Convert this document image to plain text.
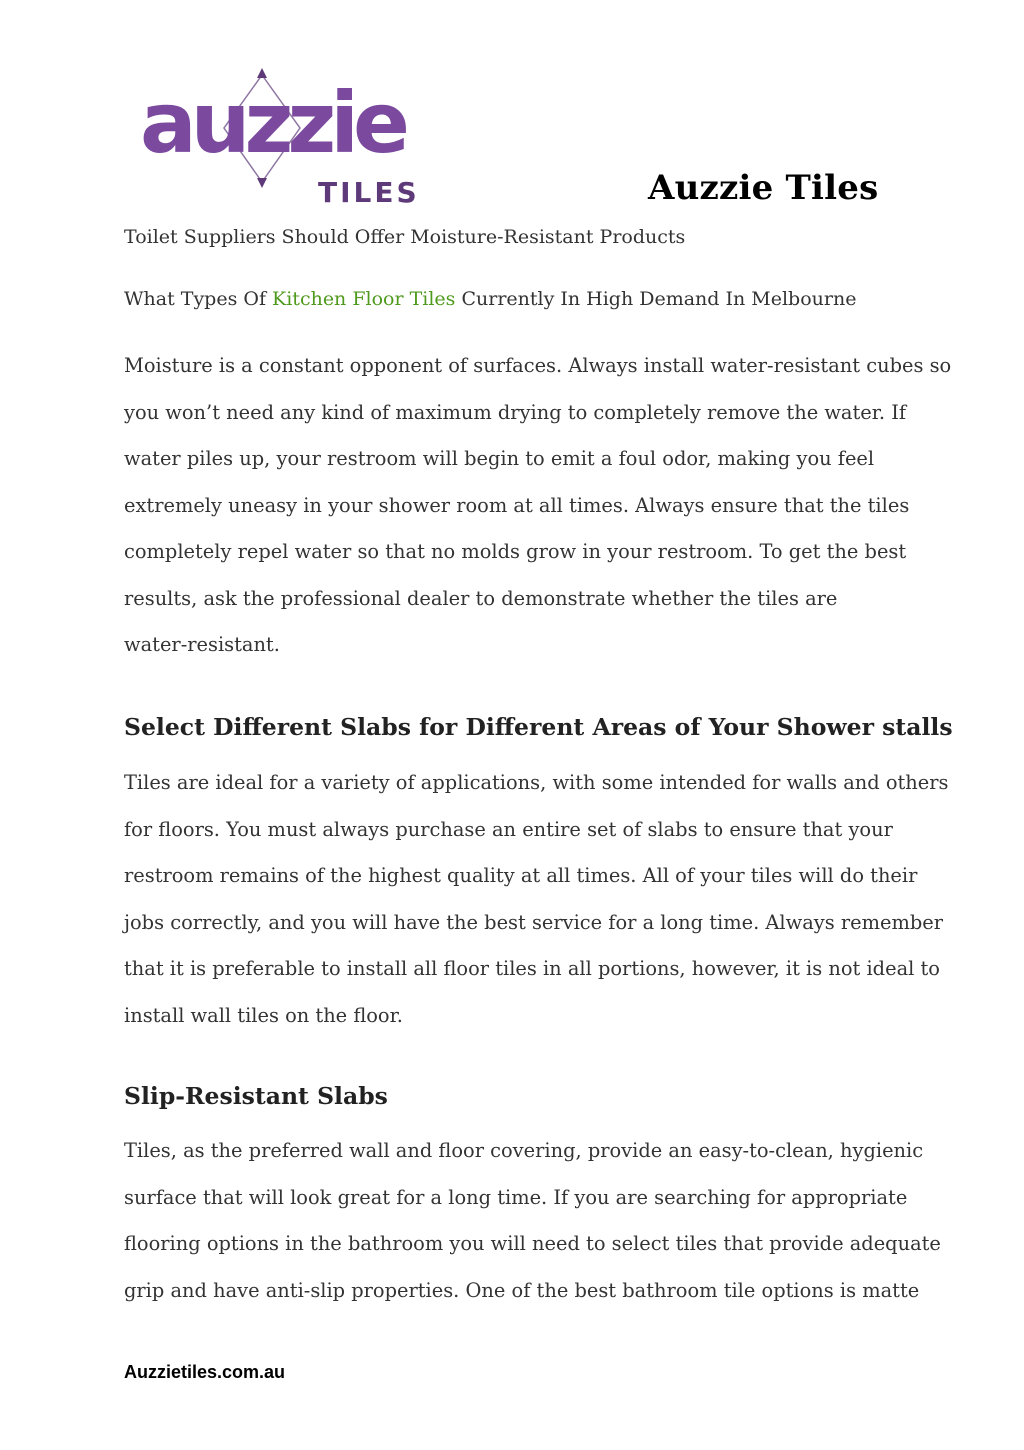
auzzie
TILES	Auzzie Tiles
Toilet Suppliers Should Offer Moisture-Resistant Products
What Types Of Kitchen Floor Tiles Currently In High Demand In Melbourne
Moisture is a constant opponent of surfaces. Always install water-resistant cubes so
you won’t need any kind of maximum drying to completely remove the water. If
water piles up, your restroom will begin to emit a foul odor, making you feel
extremely uneasy in your shower room at all times. Always ensure that the tiles
completely repel water so that no molds grow in your restroom. To get the best
results, ask the professional dealer to demonstrate whether the tiles are
water-resistant.
Select Different Slabs for Different Areas of Your Shower stalls
Tiles are ideal for a variety of applications, with some intended for walls and others
for floors. You must always purchase an entire set of slabs to ensure that your
restroom remains of the highest quality at all times. All of your tiles will do their
jobs correctly, and you will have the best service for a long time. Always remember
that it is preferable to install all floor tiles in all portions, however, it is not ideal to
install wall tiles on the floor.
Slip-Resistant Slabs
Tiles, as the preferred wall and floor covering, provide an easy-to-clean, hygienic
surface that will look great for a long time. If you are searching for appropriate
flooring options in the bathroom you will need to select tiles that provide adequate
grip and have anti-slip properties. One of the best bathroom tile options is matte
Auzzietiles.com.au
